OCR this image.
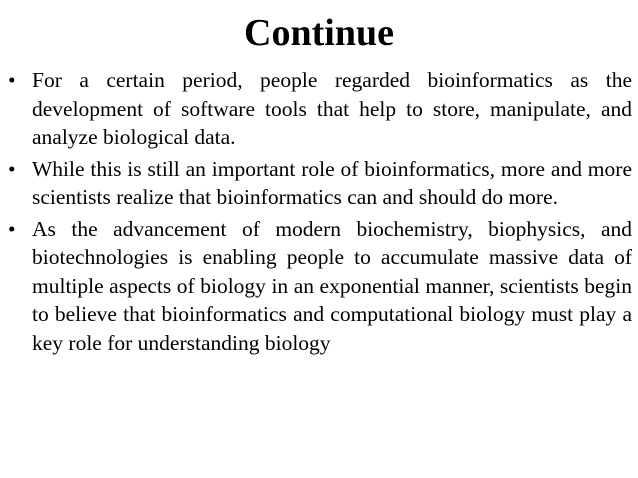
Continue
• For a certain period, people regarded bioinformatics as the development of software tools that help to store, manipulate, and analyze biological data.
• While this is still an important role of bioinformatics, more and more scientists realize that bioinformatics can and should do more.
• As the advancement of modern biochemistry, biophysics, and biotechnologies is enabling people to accumulate massive data of multiple aspects of biology in an exponential manner, scientists begin to believe that bioinformatics and computational biology must play a key role for understanding biology
